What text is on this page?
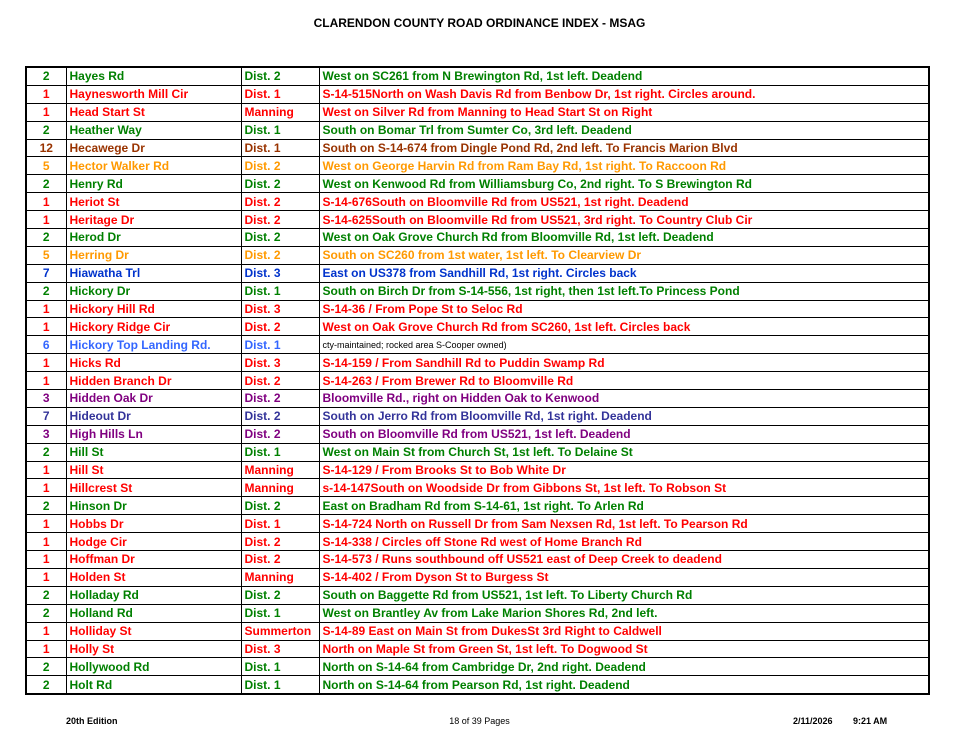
CLARENDON COUNTY ROAD ORDINANCE INDEX - MSAG
2	Hayes Rd	Dist. 2	West on SC261 from N Brewington Rd, 1st left. Deadend
1	Haynesworth Mill Cir	Dist. 1	S-14-515North on Wash Davis Rd from Benbow Dr, 1st right. Circles around.
1	Head Start St	Manning	West on Silver Rd from Manning to Head Start St on Right
2	Heather Way	Dist. 1	South on Bomar Trl from Sumter Co, 3rd left. Deadend
12	Hecawege Dr	Dist. 1	South on S-14-674 from Dingle Pond Rd, 2nd left. To Francis Marion Blvd
5	Hector Walker Rd	Dist. 2	West on George Harvin Rd from Ram Bay Rd, 1st right. To Raccoon Rd
2	Henry Rd	Dist. 2	West on Kenwood Rd from Williamsburg Co, 2nd right. To S Brewington Rd
1	Heriot St	Dist. 2	S-14-676South on Bloomville Rd from US521, 1st right. Deadend
1	Heritage Dr	Dist. 2	S-14-625South on Bloomville Rd from US521, 3rd right. To Country Club Cir
2	Herod Dr	Dist. 2	West on Oak Grove Church Rd from Bloomville Rd, 1st left. Deadend
5	Herring Dr	Dist. 2	South on SC260 from 1st water, 1st left. To Clearview Dr
7	Hiawatha Trl	Dist. 3	East on US378 from Sandhill Rd, 1st right. Circles back
2	Hickory Dr	Dist. 1	South on Birch Dr from S-14-556, 1st right, then 1st left.To Princess Pond
1	Hickory Hill Rd	Dist. 3	S-14-36 / From Pope St to Seloc Rd
1	Hickory Ridge Cir	Dist. 2	West on Oak Grove Church Rd from SC260, 1st left. Circles back
6	Hickory Top Landing Rd.	Dist. 1	cty-maintained; rocked area S-Cooper owned)
1	Hicks Rd	Dist. 3	S-14-159 / From Sandhill Rd to Puddin Swamp Rd
1	Hidden Branch Dr	Dist. 2	S-14-263 / From Brewer Rd to Bloomville Rd
3	Hidden Oak Dr	Dist. 2	Bloomville Rd., right on Hidden Oak to Kenwood
7	Hideout Dr	Dist. 2	South on Jerro Rd from Bloomville Rd, 1st right. Deadend
3	High Hills Ln	Dist. 2	South on Bloomville Rd from US521, 1st left. Deadend
2	Hill St	Dist. 1	West on Main St from Church St, 1st left. To Delaine St
1	Hill St	Manning	S-14-129 / From Brooks St to Bob White Dr
1	Hillcrest St	Manning	s-14-147South on Woodside Dr from Gibbons St, 1st left. To Robson St
2	Hinson Dr	Dist. 2	East on Bradham Rd from S-14-61, 1st right. To Arlen Rd
1	Hobbs Dr	Dist. 1	S-14-724 North on Russell Dr from Sam Nexsen Rd, 1st left. To Pearson Rd
1	Hodge Cir	Dist. 2	S-14-338 / Circles off Stone Rd west of Home Branch Rd
1	Hoffman Dr	Dist. 2	S-14-573 / Runs southbound off US521 east of Deep Creek to deadend
1	Holden St	Manning	S-14-402 / From Dyson St to Burgess St
2	Holladay Rd	Dist. 2	South on Baggette Rd from US521, 1st left. To Liberty Church Rd
2	Holland Rd	Dist. 1	West on Brantley Av from Lake Marion Shores Rd, 2nd left.
1	Holliday St	Summerton	S-14-89 East on Main St from DukesSt 3rd Right to Caldwell
1	Holly St	Dist. 3	North on Maple St from Green St, 1st left. To Dogwood St
2	Hollywood Rd	Dist. 1	North on S-14-64 from Cambridge Dr, 2nd right. Deadend
2	Holt Rd	Dist. 1	North on S-14-64 from Pearson Rd, 1st right. Deadend
20th Edition	18 of 39 Pages	2/11/2026 9:21 AM
